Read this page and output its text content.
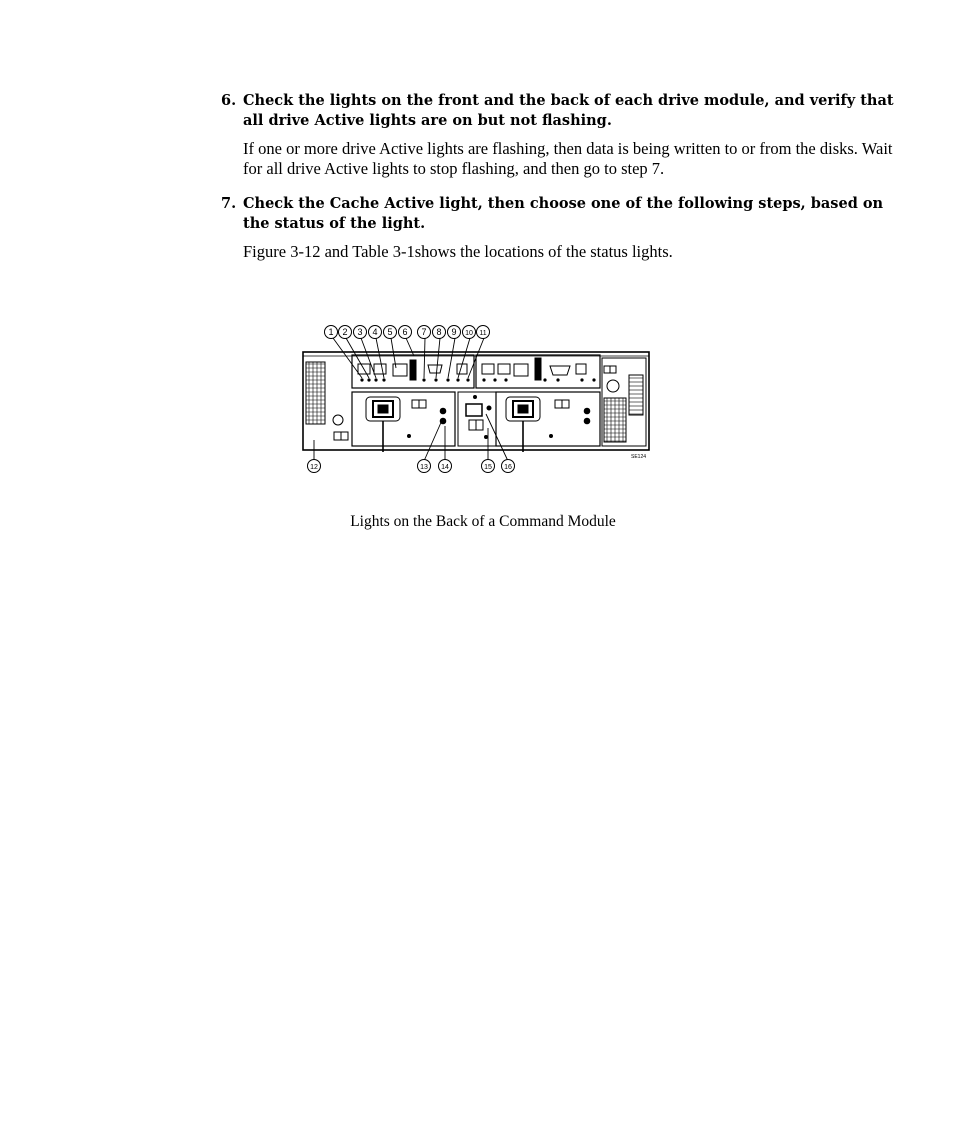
6. Check the lights on the front and the back of each drive module, and verify that all drive Active lights are on but not flashing.
If one or more drive Active lights are flashing, then data is being written to or from the disks. Wait for all drive Active lights to stop flashing, and then go to step 7.
7. Check the Cache Active light, then choose one of the following steps, based on the status of the light.
Figure 3-12 and Table 3-1shows the locations of the status lights.
SE124
1 2 3 4 5 6 7 8 9 10 11
12	13 14	15 16
Lights on the Back of a Command Module
